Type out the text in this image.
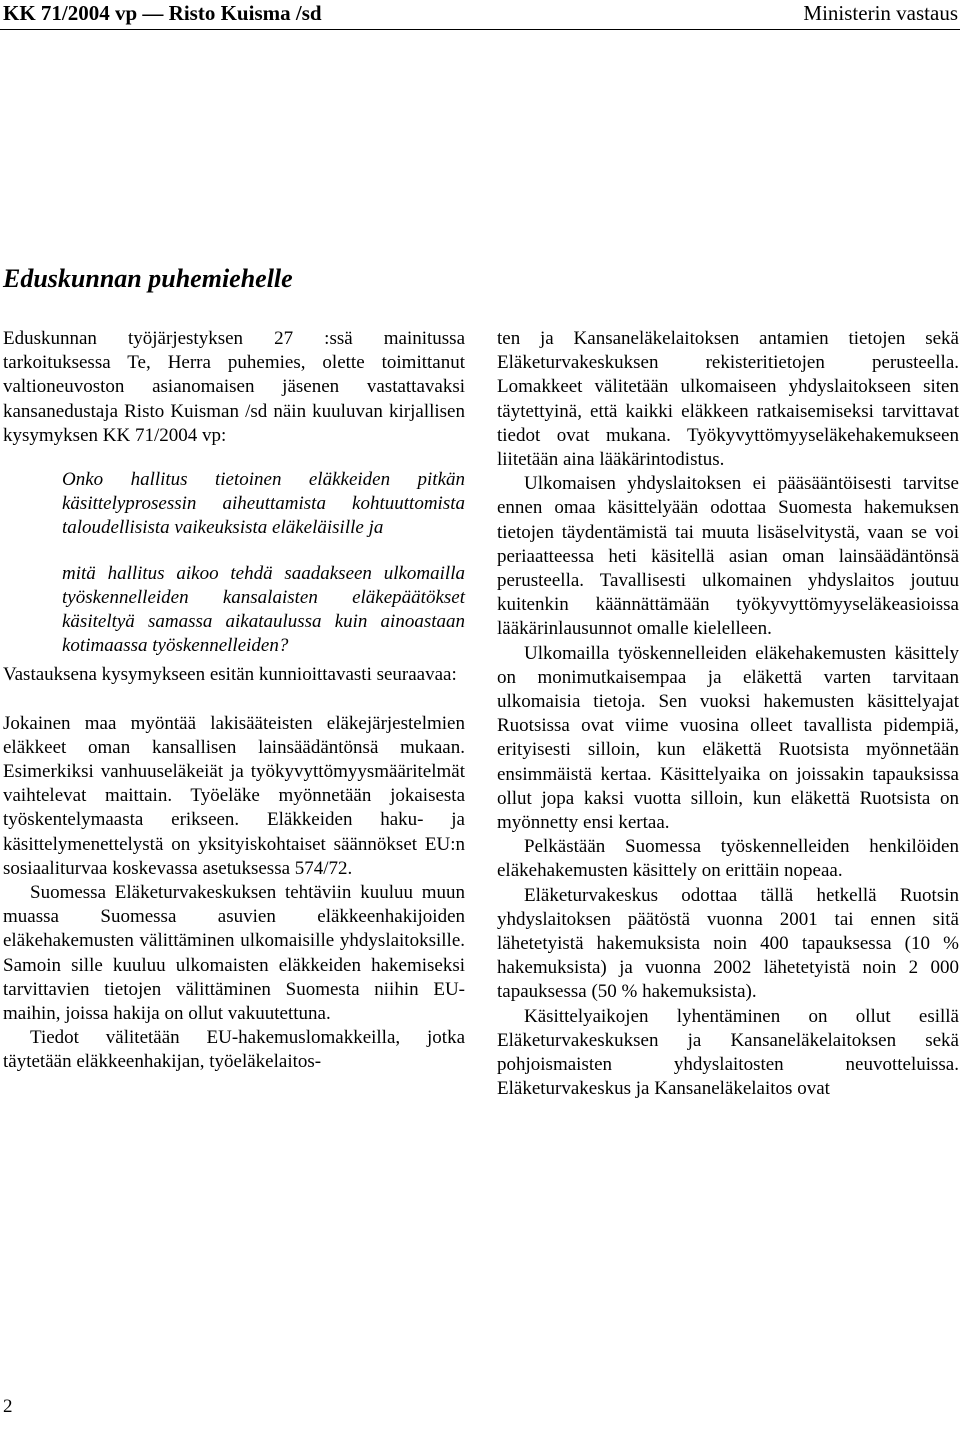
KK 71/2004 vp — Risto Kuisma /sd	Ministerin vastaus
Eduskunnan puhemiehelle

Eduskunnan työjärjestyksen 27 :ssä mainitussa tarkoituksessa Te, Herra puhemies, olette toimittanut valtioneuvoston asianomaisen jäsenen vastattavaksi kansanedustaja Risto Kuisman /sd näin kuuluvan kirjallisen kysymyksen KK 71/2004 vp:

Onko hallitus tietoinen eläkkeiden pitkän käsittelyprosessin aiheuttamista kohtuuttomista taloudellisista vaikeuksista eläkeläisille ja

mitä hallitus aikoo tehdä saadakseen ulkomailla työskennelleiden kansalaisten eläkepäätökset käsiteltyä samassa aikataulussa kuin ainoastaan kotimaassa työskennelleiden?

Vastauksena kysymykseen esitän kunnioittavasti seuraavaa:

Jokainen maa myöntää lakisääteisten eläkejärjestelmien eläkkeet oman kansallisen lainsäädäntönsä mukaan. Esimerkiksi vanhuuseläkeiät ja työkyvyttömyysmääritelmät vaihtelevat maittain. Työeläke myönnetään jokaisesta työskentelymaasta erikseen. Eläkkeiden haku- ja käsittelymenettelystä on yksityiskohtaiset säännökset EU:n sosiaaliturvaa koskevassa asetuksessa 574/72.

Suomessa Eläketurvakeskuksen tehtäviin kuuluu muun muassa Suomessa asuvien eläkkeenhakijoiden eläkehakemusten välittäminen ulkomaisille yhdyslaitoksille. Samoin sille kuuluu ulkomaisten eläkkeiden hakemiseksi tarvittavien tietojen välittäminen Suomesta niihin EU-maihin, joissa hakija on ollut vakuutettuna.

Tiedot välitetään EU-hakemuslomakkeilla, jotka täytetään eläkkeenhakijan, työeläkelaitos-

ten ja Kansaneläkelaitoksen antamien tietojen sekä Eläketurvakeskuksen rekisteritietojen perusteella. Lomakkeet välitetään ulkomaiseen yhdyslaitokseen siten täytettyinä, että kaikki eläkkeen ratkaisemiseksi tarvittavat tiedot ovat mukana. Työkyvyttömyyseläkehakemukseen liitetään aina lääkärintodistus.

Ulkomaisen yhdyslaitoksen ei pääsääntöisesti tarvitse ennen omaa käsittelyään odottaa Suomesta hakemuksen tietojen täydentämistä tai muuta lisäselvitystä, vaan se voi periaatteessa heti käsitellä asian oman lainsäädäntönsä perusteella. Tavallisesti ulkomainen yhdyslaitos joutuu kuitenkin käännättämään työkyvyttömyyseläkeasioissa lääkärinlausunnot omalle kielelleen.

Ulkomailla työskennelleiden eläkehakemusten käsittely on monimutkaisempaa ja eläkettä varten tarvitaan ulkomaisia tietoja. Sen vuoksi hakemusten käsittelyajat Ruotsissa ovat viime vuosina olleet tavallista pidempiä, erityisesti silloin, kun eläkettä Ruotsista myönnetään ensimmäistä kertaa. Käsittelyaika on joissakin tapauksissa ollut jopa kaksi vuotta silloin, kun eläkettä Ruotsista on myönnetty ensi kertaa.

Pelkästään Suomessa työskennelleiden henkilöiden eläkehakemusten käsittely on erittäin nopeaa.

Eläketurvakeskus odottaa tällä hetkellä Ruotsin yhdyslaitoksen päätöstä vuonna 2001 tai ennen sitä lähetetyistä hakemuksista noin 400 tapauksessa (10 % hakemuksista) ja vuonna 2002 lähetetyistä noin 2 000 tapauksessa (50 % hakemuksista).

Käsittelyaikojen lyhentäminen on ollut esillä Eläketurvakeskuksen ja Kansaneläkelaitoksen sekä pohjoismaisten yhdyslaitosten neuvotteluissa. Eläketurvakeskus ja Kansaneläkelaitos ovat

2
